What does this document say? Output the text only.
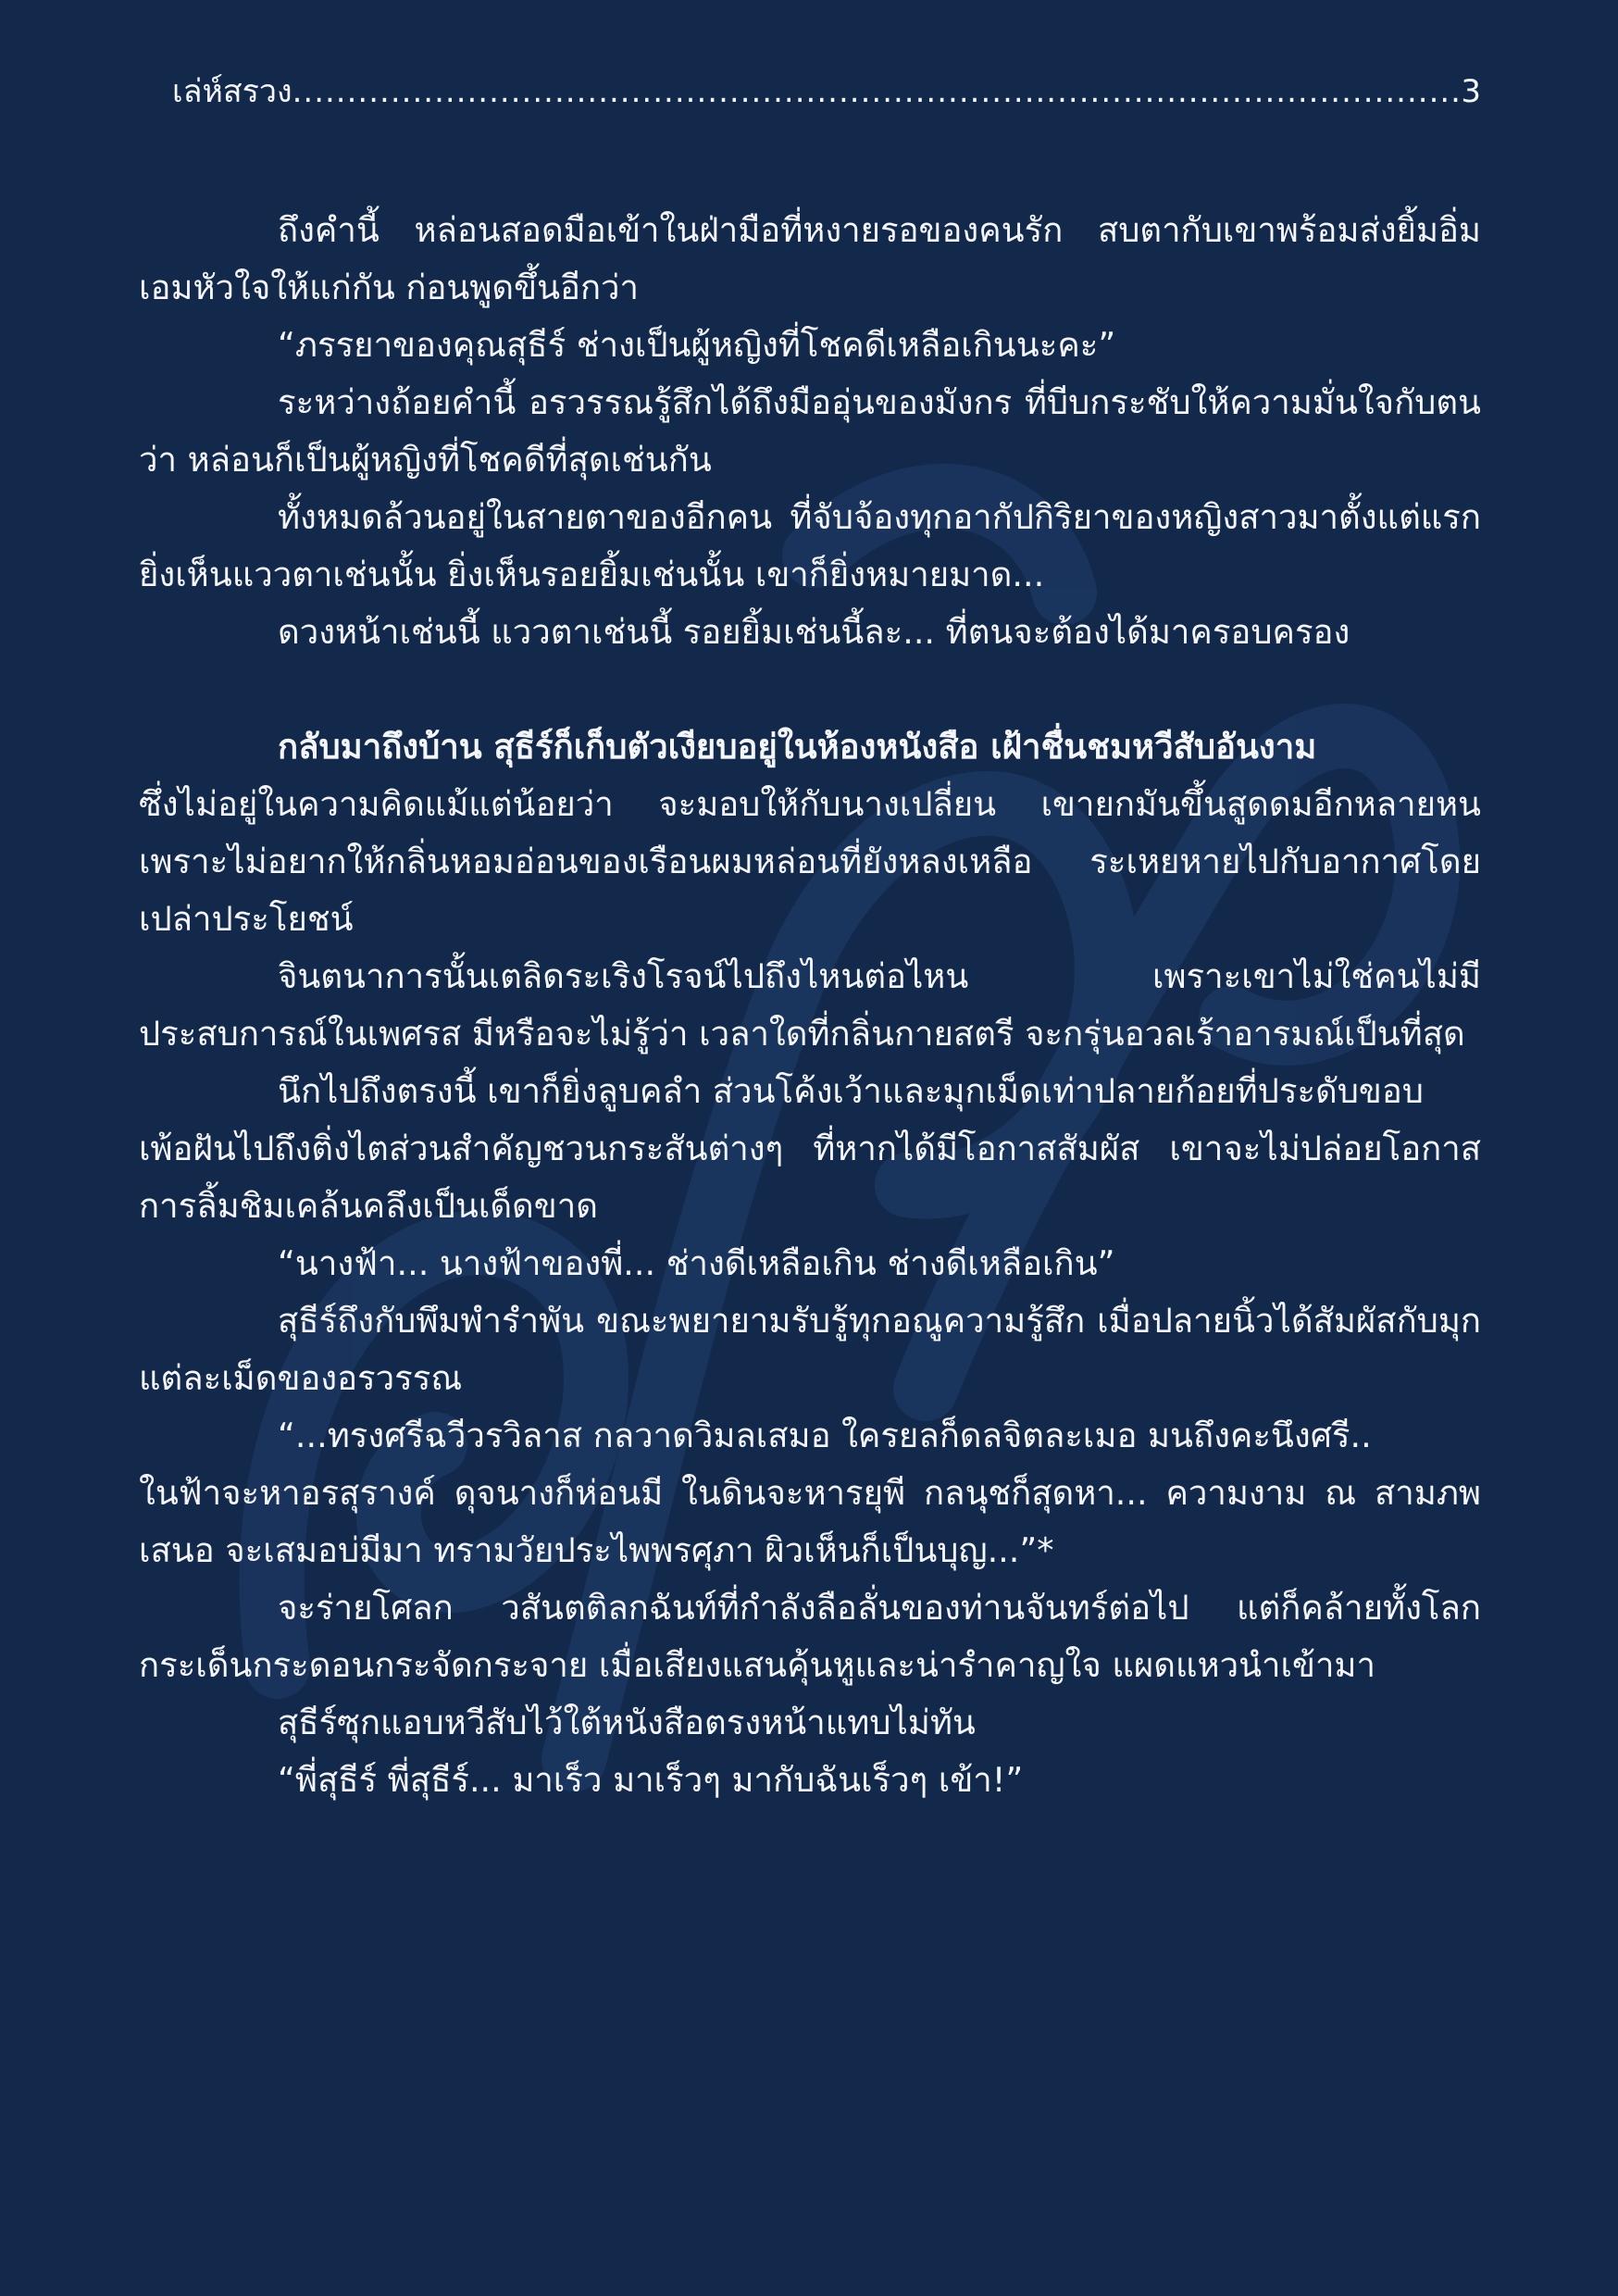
เล่ห์สรวง
.....	3

ถึงคำนี้ หล่อนสอดมือเข้าในฝ่ามือที่หงายรอของคนรัก สบตากับเขาพร้อมส่งยิ้มอิ่มเอมหัวใจให้แก่กัน ก่อนพูดขึ้นอีกว่า

“ภรรยาของคุณสุธีร์ ช่างเป็นผู้หญิงที่โชคดีเหลือเกินนะคะ”

ระหว่างถ้อยคำนี้ อรวรรณรู้สึกได้ถึงมืออุ่นของมังกร ที่บีบกระชับให้ความมั่นใจกับตนว่า หล่อนก็เป็นผู้หญิงที่โชคดีที่สุดเช่นกัน

ทั้งหมดล้วนอยู่ในสายตาของอีกคน ที่จับจ้องทุกอากัปกิริยาของหญิงสาวมาตั้งแต่แรก ยิ่งเห็นแววตาเช่นนั้น ยิ่งเห็นรอยยิ้มเช่นนั้น เขาก็ยิ่งหมายมาด...

ดวงหน้าเช่นนี้ แววตาเช่นนี้ รอยยิ้มเช่นนี้ละ... ที่ตนจะต้องได้มาครอบครอง

กลับมาถึงบ้าน สุธีร์ก็เก็บตัวเงียบอยู่ในห้องหนังสือ เฝ้าชื่นชมหวีสับอันงาม

ซึ่งไม่อยู่ในความคิดแม้แต่น้อยว่า จะมอบให้กับนางเปลี่ยน เขายกมันขึ้นสูดดมอีกหลายหน เพราะไม่อยากให้กลิ่นหอมอ่อนของเรือนผมหล่อนที่ยังหลงเหลือ ระเหยหายไปกับอากาศโดยเปล่าประโยชน์

จินตนาการนั้นเตลิดระเริงโรจน์ไปถึงไหนต่อไหน เพราะเขาไม่ใช่คนไม่มีประสบการณ์ในเพศรส มีหรือจะไม่รู้ว่า เวลาใดที่กลิ่นกายสตรี จะกรุ่นอวลเร้าอารมณ์เป็นที่สุด

นึกไปถึงตรงนี้ เขาก็ยิ่งลูบคลำ ส่วนโค้งเว้าและมุกเม็ดเท่าปลายก้อยที่ประดับขอบ

เพ้อฝันไปถึงติ่งไตส่วนสำคัญชวนกระสันต่างๆ ที่หากได้มีโอกาสสัมผัส เขาจะไม่ปล่อยโอกาสการลิ้มชิมเคล้นคลึงเป็นเด็ดขาด

“นางฟ้า... นางฟ้าของพี่... ช่างดีเหลือเกิน ช่างดีเหลือเกิน”

สุธีร์ถึงกับพึมพำรำพัน ขณะพยายามรับรู้ทุกอณูความรู้สึก เมื่อปลายนิ้วได้สัมผัสกับมุกแต่ละเม็ดของอรวรรณ

“...ทรงศรีฉวีวรวิลาส กลวาดวิมลเสมอ ใครยลก็ดลจิตละเมอ มนถึงคะนึงศรี..

ในฟ้าจะหาอรสุรางค์ ดุจนางก็ห่อนมี ในดินจะหารยุพี กลนุชก็สุดหา... ความงาม ณ สามภพเสนอ จะเสมอบ่มีมา ทรามวัยประไพพรศุภา ผิวเห็นก็เป็นบุญ...”*

จะร่ายโศลก วสันตติลกฉันท์ที่กำลังลือลั่นของท่านจันทร์ต่อไป แต่ก็คล้ายทั้งโลกกระเด็นกระดอนกระจัดกระจาย เมื่อเสียงแสนคุ้นหูและน่ารำคาญใจ แผดแหวนำเข้ามา

สุธีร์ซุกแอบหวีสับไว้ใต้หนังสือตรงหน้าแทบไม่ทัน

“พี่สุธีร์ พี่สุธีร์... มาเร็ว มาเร็วๆ มากับฉันเร็วๆ เข้า!”
